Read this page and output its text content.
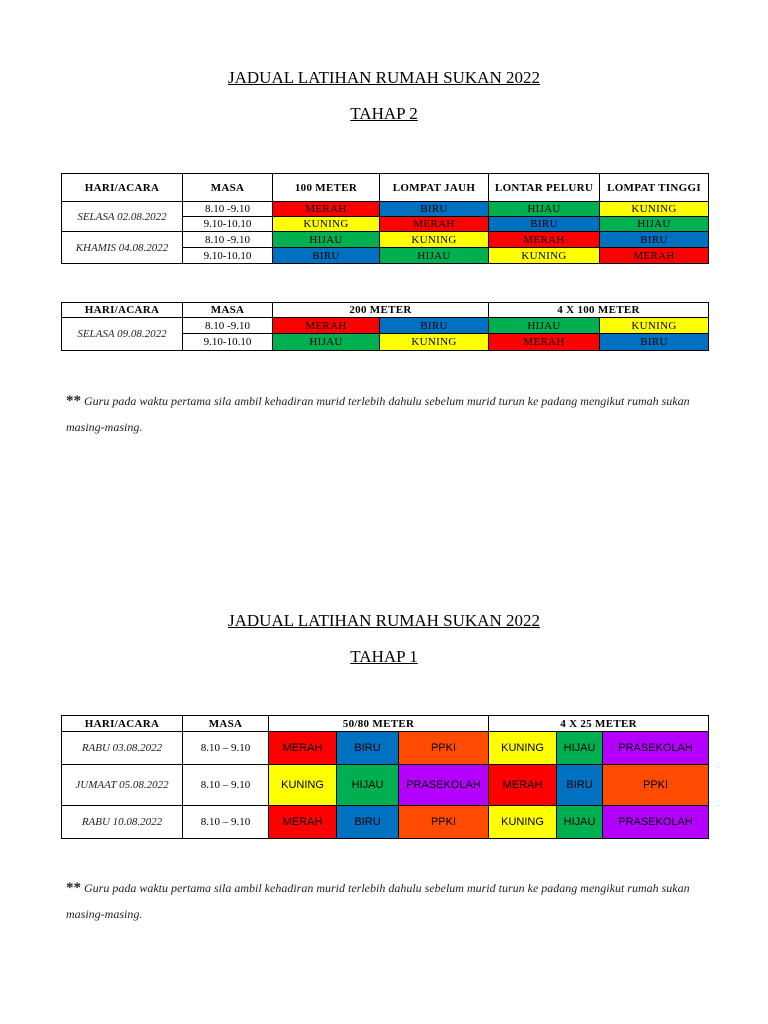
JADUAL LATIHAN RUMAH SUKAN 2022
TAHAP 2
HARI/ACARA	MASA	100 METER	LOMPAT JAUH	LONTAR PELURU	LOMPAT TINGGI
SELASA 02.08.2022	8.10 -9.10	MERAH	BIRU	HIJAU	KUNING
	9.10-10.10	KUNING	MERAH	BIRU	HIJAU
KHAMIS 04.08.2022	8.10 -9.10	HIJAU	KUNING	MERAH	BIRU
	9.10-10.10	BIRU	HIJAU	KUNING	MERAH
HARI/ACARA	MASA	200 METER		4 X 100 METER	
SELASA 09.08.2022	8.10 -9.10	MERAH	BIRU	HIJAU	KUNING
	9.10-10.10	HIJAU	KUNING	MERAH	BIRU
** Guru pada waktu pertama sila ambil kehadiran murid terlebih dahulu sebelum murid turun ke padang mengikut rumah sukan masing-masing.
JADUAL LATIHAN RUMAH SUKAN 2022
TAHAP 1
HARI/ACARA	MASA	50/80 METER			4 X 25 METER		
RABU 03.08.2022	8.10 – 9.10	MERAH	BIRU	PPKI	KUNING	HIJAU	PRASEKOLAH
JUMAAT 05.08.2022	8.10 – 9.10	KUNING	HIJAU	PRASEKOLAH	MERAH	BIRU	PPKI
RABU 10.08.2022	8.10 – 9.10	MERAH	BIRU	PPKI	KUNING	HIJAU	PRASEKOLAH
** Guru pada waktu pertama sila ambil kehadiran murid terlebih dahulu sebelum murid turun ke padang mengikut rumah sukan masing-masing.
